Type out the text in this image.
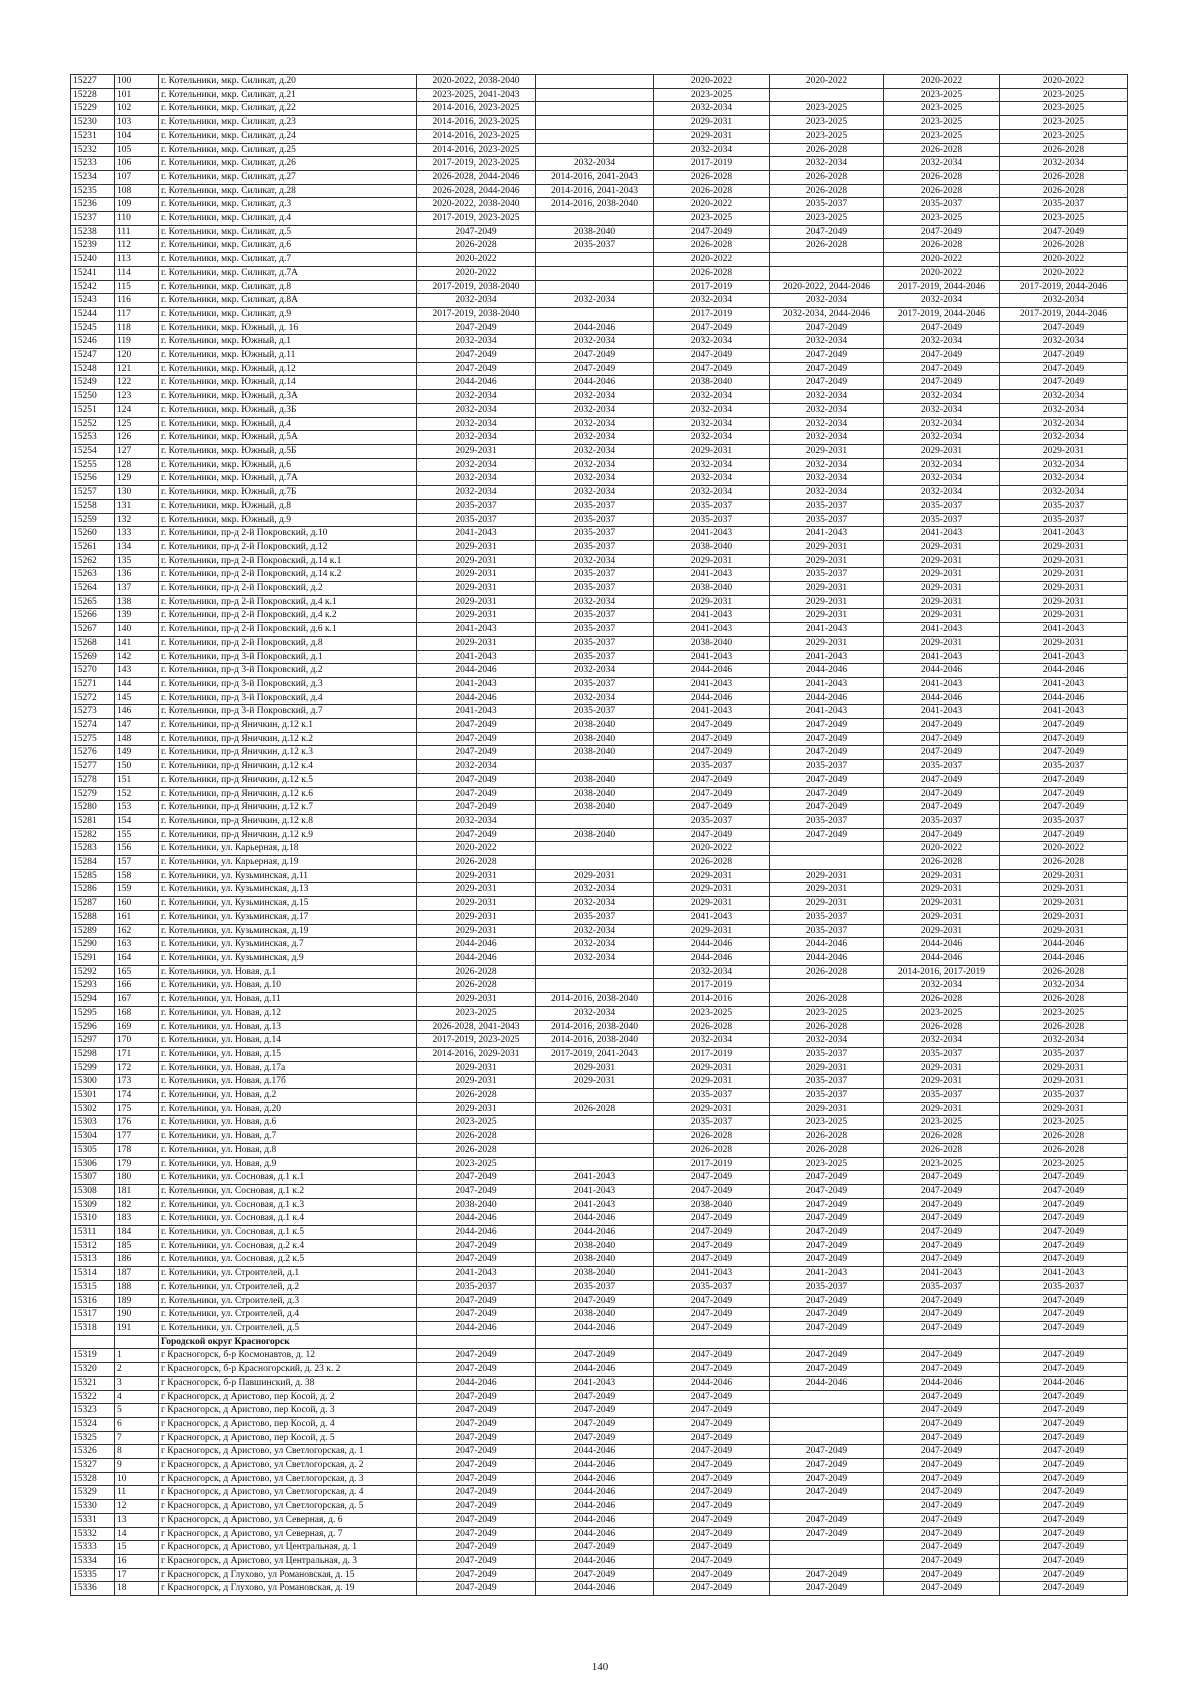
15227	100	г. Котельники, мкр. Силикат, д.20	2020-2022, 2038-2040		2020-2022	2020-2022	2020-2022	2020-2022
15228	101	г. Котельники, мкр. Силикат, д.21	2023-2025, 2041-2043		2023-2025		2023-2025	2023-2025
15229	102	г. Котельники, мкр. Силикат, д.22	2014-2016, 2023-2025		2032-2034	2023-2025	2023-2025	2023-2025
15230	103	г. Котельники, мкр. Силикат, д.23	2014-2016, 2023-2025		2029-2031	2023-2025	2023-2025	2023-2025
15231	104	г. Котельники, мкр. Силикат, д.24	2014-2016, 2023-2025		2029-2031	2023-2025	2023-2025	2023-2025
15232	105	г. Котельники, мкр. Силикат, д.25	2014-2016, 2023-2025		2032-2034	2026-2028	2026-2028	2026-2028
15233	106	г. Котельники, мкр. Силикат, д.26	2017-2019, 2023-2025	2032-2034	2017-2019	2032-2034	2032-2034	2032-2034
15234	107	г. Котельники, мкр. Силикат, д.27	2026-2028, 2044-2046	2014-2016, 2041-2043	2026-2028	2026-2028	2026-2028	2026-2028
15235	108	г. Котельники, мкр. Силикат, д.28	2026-2028, 2044-2046	2014-2016, 2041-2043	2026-2028	2026-2028	2026-2028	2026-2028
15236	109	г. Котельники, мкр. Силикат, д.3	2020-2022, 2038-2040	2014-2016, 2038-2040	2020-2022	2035-2037	2035-2037	2035-2037
15237	110	г. Котельники, мкр. Силикат, д.4	2017-2019, 2023-2025		2023-2025	2023-2025	2023-2025	2023-2025
15238	111	г. Котельники, мкр. Силикат, д.5	2047-2049	2038-2040	2047-2049	2047-2049	2047-2049	2047-2049
15239	112	г. Котельники, мкр. Силикат, д.6	2026-2028	2035-2037	2026-2028	2026-2028	2026-2028	2026-2028
15240	113	г. Котельники, мкр. Силикат, д.7	2020-2022		2020-2022		2020-2022	2020-2022
15241	114	г. Котельники, мкр. Силикат, д.7А	2020-2022		2026-2028		2020-2022	2020-2022
15242	115	г. Котельники, мкр. Силикат, д.8	2017-2019, 2038-2040		2017-2019	2020-2022, 2044-2046	2017-2019, 2044-2046	2017-2019, 2044-2046
15243	116	г. Котельники, мкр. Силикат, д.8А	2032-2034	2032-2034	2032-2034	2032-2034	2032-2034	2032-2034
15244	117	г. Котельники, мкр. Силикат, д.9	2017-2019, 2038-2040		2017-2019	2032-2034, 2044-2046	2017-2019, 2044-2046	2017-2019, 2044-2046
15245	118	г. Котельники, мкр. Южный, д. 16	2047-2049	2044-2046	2047-2049	2047-2049	2047-2049	2047-2049
15246	119	г. Котельники, мкр. Южный, д.1	2032-2034	2032-2034	2032-2034	2032-2034	2032-2034	2032-2034
15247	120	г. Котельники, мкр. Южный, д.11	2047-2049	2047-2049	2047-2049	2047-2049	2047-2049	2047-2049
15248	121	г. Котельники, мкр. Южный, д.12	2047-2049	2047-2049	2047-2049	2047-2049	2047-2049	2047-2049
15249	122	г. Котельники, мкр. Южный, д.14	2044-2046	2044-2046	2038-2040	2047-2049	2047-2049	2047-2049
15250	123	г. Котельники, мкр. Южный, д.3А	2032-2034	2032-2034	2032-2034	2032-2034	2032-2034	2032-2034
15251	124	г. Котельники, мкр. Южный, д.3Б	2032-2034	2032-2034	2032-2034	2032-2034	2032-2034	2032-2034
15252	125	г. Котельники, мкр. Южный, д.4	2032-2034	2032-2034	2032-2034	2032-2034	2032-2034	2032-2034
15253	126	г. Котельники, мкр. Южный, д.5А	2032-2034	2032-2034	2032-2034	2032-2034	2032-2034	2032-2034
15254	127	г. Котельники, мкр. Южный, д.5Б	2029-2031	2032-2034	2029-2031	2029-2031	2029-2031	2029-2031
15255	128	г. Котельники, мкр. Южный, д.6	2032-2034	2032-2034	2032-2034	2032-2034	2032-2034	2032-2034
15256	129	г. Котельники, мкр. Южный, д.7А	2032-2034	2032-2034	2032-2034	2032-2034	2032-2034	2032-2034
15257	130	г. Котельники, мкр. Южный, д.7Б	2032-2034	2032-2034	2032-2034	2032-2034	2032-2034	2032-2034
15258	131	г. Котельники, мкр. Южный, д.8	2035-2037	2035-2037	2035-2037	2035-2037	2035-2037	2035-2037
15259	132	г. Котельники, мкр. Южный, д.9	2035-2037	2035-2037	2035-2037	2035-2037	2035-2037	2035-2037
15260	133	г. Котельники, пр-д 2-й Покровский, д.10	2041-2043	2035-2037	2041-2043	2041-2043	2041-2043	2041-2043
15261	134	г. Котельники, пр-д 2-й Покровский, д.12	2029-2031	2035-2037	2038-2040	2029-2031	2029-2031	2029-2031
15262	135	г. Котельники, пр-д 2-й Покровский, д.14 к.1	2029-2031	2032-2034	2029-2031	2029-2031	2029-2031	2029-2031
15263	136	г. Котельники, пр-д 2-й Покровский, д.14 к.2	2029-2031	2035-2037	2041-2043	2035-2037	2029-2031	2029-2031
15264	137	г. Котельники, пр-д 2-й Покровский, д.2	2029-2031	2035-2037	2038-2040	2029-2031	2029-2031	2029-2031
15265	138	г. Котельники, пр-д 2-й Покровский, д.4 к.1	2029-2031	2032-2034	2029-2031	2029-2031	2029-2031	2029-2031
15266	139	г. Котельники, пр-д 2-й Покровский, д.4 к.2	2029-2031	2035-2037	2041-2043	2029-2031	2029-2031	2029-2031
15267	140	г. Котельники, пр-д 2-й Покровский, д.6 к.1	2041-2043	2035-2037	2041-2043	2041-2043	2041-2043	2041-2043
15268	141	г. Котельники, пр-д 2-й Покровский, д.8	2029-2031	2035-2037	2038-2040	2029-2031	2029-2031	2029-2031
15269	142	г. Котельники, пр-д 3-й Покровский, д.1	2041-2043	2035-2037	2041-2043	2041-2043	2041-2043	2041-2043
15270	143	г. Котельники, пр-д 3-й Покровский, д.2	2044-2046	2032-2034	2044-2046	2044-2046	2044-2046	2044-2046
15271	144	г. Котельники, пр-д 3-й Покровский, д.3	2041-2043	2035-2037	2041-2043	2041-2043	2041-2043	2041-2043
15272	145	г. Котельники, пр-д 3-й Покровский, д.4	2044-2046	2032-2034	2044-2046	2044-2046	2044-2046	2044-2046
15273	146	г. Котельники, пр-д 3-й Покровский, д.7	2041-2043	2035-2037	2041-2043	2041-2043	2041-2043	2041-2043
15274	147	г. Котельники, пр-д Яничкин, д.12 к.1	2047-2049	2038-2040	2047-2049	2047-2049	2047-2049	2047-2049
15275	148	г. Котельники, пр-д Яничкин, д.12 к.2	2047-2049	2038-2040	2047-2049	2047-2049	2047-2049	2047-2049
15276	149	г. Котельники, пр-д Яничкин, д.12 к.3	2047-2049	2038-2040	2047-2049	2047-2049	2047-2049	2047-2049
15277	150	г. Котельники, пр-д Яничкин, д.12 к.4	2032-2034		2035-2037	2035-2037	2035-2037	2035-2037
15278	151	г. Котельники, пр-д Яничкин, д.12 к.5	2047-2049	2038-2040	2047-2049	2047-2049	2047-2049	2047-2049
15279	152	г. Котельники, пр-д Яничкин, д.12 к.6	2047-2049	2038-2040	2047-2049	2047-2049	2047-2049	2047-2049
15280	153	г. Котельники, пр-д Яничкин, д.12 к.7	2047-2049	2038-2040	2047-2049	2047-2049	2047-2049	2047-2049
15281	154	г. Котельники, пр-д Яничкин, д.12 к.8	2032-2034		2035-2037	2035-2037	2035-2037	2035-2037
15282	155	г. Котельники, пр-д Яничкин, д.12 к.9	2047-2049	2038-2040	2047-2049	2047-2049	2047-2049	2047-2049
15283	156	г. Котельники, ул. Карьерная, д.18	2020-2022		2020-2022		2020-2022	2020-2022
15284	157	г. Котельники, ул. Карьерная, д.19	2026-2028		2026-2028		2026-2028	2026-2028
15285	158	г. Котельники, ул. Кузьминская, д.11	2029-2031	2029-2031	2029-2031	2029-2031	2029-2031	2029-2031
15286	159	г. Котельники, ул. Кузьминская, д.13	2029-2031	2032-2034	2029-2031	2029-2031	2029-2031	2029-2031
15287	160	г. Котельники, ул. Кузьминская, д.15	2029-2031	2032-2034	2029-2031	2029-2031	2029-2031	2029-2031
15288	161	г. Котельники, ул. Кузьминская, д.17	2029-2031	2035-2037	2041-2043	2035-2037	2029-2031	2029-2031
15289	162	г. Котельники, ул. Кузьминская, д.19	2029-2031	2032-2034	2029-2031	2035-2037	2029-2031	2029-2031
15290	163	г. Котельники, ул. Кузьминская, д.7	2044-2046	2032-2034	2044-2046	2044-2046	2044-2046	2044-2046
15291	164	г. Котельники, ул. Кузьминская, д.9	2044-2046	2032-2034	2044-2046	2044-2046	2044-2046	2044-2046
15292	165	г. Котельники, ул. Новая, д.1	2026-2028		2032-2034	2026-2028	2014-2016, 2017-2019	2026-2028
15293	166	г. Котельники, ул. Новая, д.10	2026-2028		2017-2019		2032-2034	2032-2034
15294	167	г. Котельники, ул. Новая, д.11	2029-2031	2014-2016, 2038-2040	2014-2016	2026-2028	2026-2028	2026-2028
15295	168	г. Котельники, ул. Новая, д.12	2023-2025	2032-2034	2023-2025	2023-2025	2023-2025	2023-2025
15296	169	г. Котельники, ул. Новая, д.13	2026-2028, 2041-2043	2014-2016, 2038-2040	2026-2028	2026-2028	2026-2028	2026-2028
15297	170	г. Котельники, ул. Новая, д.14	2017-2019, 2023-2025	2014-2016, 2038-2040	2032-2034	2032-2034	2032-2034	2032-2034
15298	171	г. Котельники, ул. Новая, д.15	2014-2016, 2029-2031	2017-2019, 2041-2043	2017-2019	2035-2037	2035-2037	2035-2037
15299	172	г. Котельники, ул. Новая, д.17а	2029-2031	2029-2031	2029-2031	2029-2031	2029-2031	2029-2031
15300	173	г. Котельники, ул. Новая, д.17б	2029-2031	2029-2031	2029-2031	2035-2037	2029-2031	2029-2031
15301	174	г. Котельники, ул. Новая, д.2	2026-2028		2035-2037	2035-2037	2035-2037	2035-2037
15302	175	г. Котельники, ул. Новая, д.20	2029-2031	2026-2028	2029-2031	2029-2031	2029-2031	2029-2031
15303	176	г. Котельники, ул. Новая, д.6	2023-2025		2035-2037	2023-2025	2023-2025	2023-2025
15304	177	г. Котельники, ул. Новая, д.7	2026-2028		2026-2028	2026-2028	2026-2028	2026-2028
15305	178	г. Котельники, ул. Новая, д.8	2026-2028		2026-2028	2026-2028	2026-2028	2026-2028
15306	179	г. Котельники, ул. Новая, д.9	2023-2025		2017-2019	2023-2025	2023-2025	2023-2025
15307	180	г. Котельники, ул. Сосновая, д.1 к.1	2047-2049	2041-2043	2047-2049	2047-2049	2047-2049	2047-2049
15308	181	г. Котельники, ул. Сосновая, д.1 к.2	2047-2049	2041-2043	2047-2049	2047-2049	2047-2049	2047-2049
15309	182	г. Котельники, ул. Сосновая, д.1 к.3	2038-2040	2041-2043	2038-2040	2047-2049	2047-2049	2047-2049
15310	183	г. Котельники, ул. Сосновая, д.1 к.4	2044-2046	2044-2046	2047-2049	2047-2049	2047-2049	2047-2049
15311	184	г. Котельники, ул. Сосновая, д.1 к.5	2044-2046	2044-2046	2047-2049	2047-2049	2047-2049	2047-2049
15312	185	г. Котельники, ул. Сосновая, д.2 к.4	2047-2049	2038-2040	2047-2049	2047-2049	2047-2049	2047-2049
15313	186	г. Котельники, ул. Сосновая, д.2 к.5	2047-2049	2038-2040	2047-2049	2047-2049	2047-2049	2047-2049
15314	187	г. Котельники, ул. Строителей, д.1	2041-2043	2038-2040	2041-2043	2041-2043	2041-2043	2041-2043
15315	188	г. Котельники, ул. Строителей, д.2	2035-2037	2035-2037	2035-2037	2035-2037	2035-2037	2035-2037
15316	189	г. Котельники, ул. Строителей, д.3	2047-2049	2047-2049	2047-2049	2047-2049	2047-2049	2047-2049
15317	190	г. Котельники, ул. Строителей, д.4	2047-2049	2038-2040	2047-2049	2047-2049	2047-2049	2047-2049
15318	191	г. Котельники, ул. Строителей, д.5	2044-2046	2044-2046	2047-2049	2047-2049	2047-2049	2047-2049
		Городской округ Красногорск						
15319	1	г Красногорск, б-р Космонавтов, д. 12	2047-2049	2047-2049	2047-2049	2047-2049	2047-2049	2047-2049
15320	2	г Красногорск, б-р Красногорский, д. 23 к. 2	2047-2049	2044-2046	2047-2049	2047-2049	2047-2049	2047-2049
15321	3	г Красногорск, б-р Павшинский, д. 38	2044-2046	2041-2043	2044-2046	2044-2046	2044-2046	2044-2046
15322	4	г Красногорск, д Аристово, пер Косой, д. 2	2047-2049	2047-2049	2047-2049		2047-2049	2047-2049
15323	5	г Красногорск, д Аристово, пер Косой, д. 3	2047-2049	2047-2049	2047-2049		2047-2049	2047-2049
15324	6	г Красногорск, д Аристово, пер Косой, д. 4	2047-2049	2047-2049	2047-2049		2047-2049	2047-2049
15325	7	г Красногорск, д Аристово, пер Косой, д. 5	2047-2049	2047-2049	2047-2049		2047-2049	2047-2049
15326	8	г Красногорск, д Аристово, ул Светлогорская, д. 1	2047-2049	2044-2046	2047-2049	2047-2049	2047-2049	2047-2049
15327	9	г Красногорск, д Аристово, ул Светлогорская, д. 2	2047-2049	2044-2046	2047-2049	2047-2049	2047-2049	2047-2049
15328	10	г Красногорск, д Аристово, ул Светлогорская, д. 3	2047-2049	2044-2046	2047-2049	2047-2049	2047-2049	2047-2049
15329	11	г Красногорск, д Аристово, ул Светлогорская, д. 4	2047-2049	2044-2046	2047-2049	2047-2049	2047-2049	2047-2049
15330	12	г Красногорск, д Аристово, ул Светлогорская, д. 5	2047-2049	2044-2046	2047-2049		2047-2049	2047-2049
15331	13	г Красногорск, д Аристово, ул Северная, д. 6	2047-2049	2044-2046	2047-2049	2047-2049	2047-2049	2047-2049
15332	14	г Красногорск, д Аристово, ул Северная, д. 7	2047-2049	2044-2046	2047-2049	2047-2049	2047-2049	2047-2049
15333	15	г Красногорск, д Аристово, ул Центральная, д. 1	2047-2049	2047-2049	2047-2049		2047-2049	2047-2049
15334	16	г Красногорск, д Аристово, ул Центральная, д. 3	2047-2049	2044-2046	2047-2049		2047-2049	2047-2049
15335	17	г Красногорск, д Глухово, ул Романовская, д. 15	2047-2049	2047-2049	2047-2049	2047-2049	2047-2049	2047-2049
15336	18	г Красногорск, д Глухово, ул Романовская, д. 19	2047-2049	2044-2046	2047-2049	2047-2049	2047-2049	2047-2049
140
